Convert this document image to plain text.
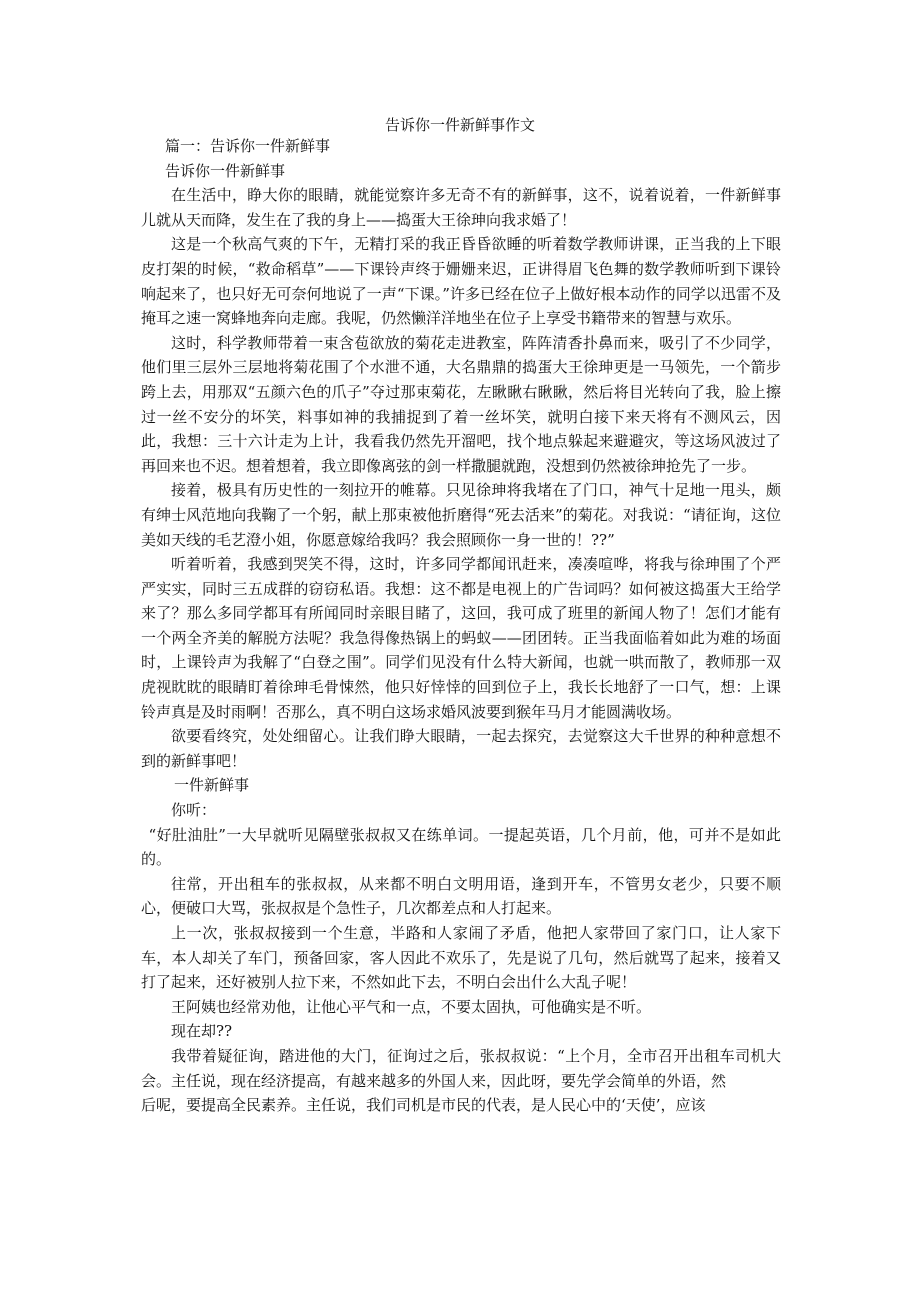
告诉你一件新鲜事作文

篇一：告诉你一件新鲜事

告诉你一件新鲜事

在生活中，睁大你的眼睛，就能觉察许多无奇不有的新鲜事，这不，说着说着，一件新鲜事儿就从天而降，发生在了我的身上——捣蛋大王徐珅向我求婚了！

这是一个秋高气爽的下午，无精打采的我正昏昏欲睡的听着数学教师讲课，正当我的上下眼皮打架的时候，“救命稻草”——下课铃声终于姗姗来迟，正讲得眉飞色舞的数学教师听到下课铃响起来了，也只好无可奈何地说了一声“下课。”许多已经在位子上做好根本动作的同学以迅雷不及掩耳之速一窝蜂地奔向走廊。我呢，仍然懒洋洋地坐在位子上享受书籍带来的智慧与欢乐。

这时，科学教师带着一束含苞欲放的菊花走进教室，阵阵清香扑鼻而来，吸引了不少同学，他们里三层外三层地将菊花围了个水泄不通，大名鼎鼎的捣蛋大王徐珅更是一马领先，一个箭步跨上去，用那双“五颜六色的爪子”夺过那束菊花，左瞅瞅右瞅瞅，然后将目光转向了我，脸上擦过一丝不安分的坏笑，料事如神的我捕捉到了着一丝坏笑，就明白接下来天将有不测风云，因此，我想：三十六计走为上计，我看我仍然先开溜吧，找个地点躲起来避避灾，等这场风波过了再回来也不迟。想着想着，我立即像离弦的剑一样撒腿就跑，没想到仍然被徐珅抢先了一步。

接着，极具有历史性的一刻拉开的帷幕。只见徐珅将我堵在了门口，神气十足地一甩头，颇有绅士风范地向我鞠了一个躬，献上那束被他折磨得“死去活来”的菊花。对我说：“请征询，这位美如天线的毛艺澄小姐，你愿意嫁给我吗？我会照顾你一身一世的！??”

听着听着，我感到哭笑不得，这时，许多同学都闻讯赶来，凑凑喧哗，将我与徐珅围了个严严实实，同时三五成群的窃窃私语。我想：这不都是电视上的广告词吗？如何被这捣蛋大王给学来了？那么多同学都耳有所闻同时亲眼目睹了，这回，我可成了班里的新闻人物了！怎们才能有一个两全齐美的解脱方法呢？我急得像热锅上的蚂蚁——团团转。正当我面临着如此为难的场面时，上课铃声为我解了“白登之围”。同学们见没有什么特大新闻，也就一哄而散了，教师那一双虎视眈眈的眼睛盯着徐珅毛骨悚然，他只好悻悻的回到位子上，我长长地舒了一口气，想：上课铃声真是及时雨啊！否那么，真不明白这场求婚风波要到猴年马月才能圆满收场。

欲要看终究，处处细留心。让我们睁大眼睛，一起去探究，去觉察这大千世界的种种意想不到的新鲜事吧！

一件新鲜事

你听：

“好肚油肚”一大早就听见隔壁张叔叔又在练单词。一提起英语，几个月前，他，可并不是如此的。

往常，开出租车的张叔叔，从来都不明白文明用语，逢到开车，不管男女老少，只要不顺心，便破口大骂，张叔叔是个急性子，几次都差点和人打起来。

上一次，张叔叔接到一个生意，半路和人家闹了矛盾，他把人家带回了家门口，让人家下车，本人却关了车门，预备回家，客人因此不欢乐了，先是说了几句，然后就骂了起来，接着又打了起来，还好被别人拉下来，不然如此下去，不明白会出什么大乱子呢！

王阿姨也经常劝他，让他心平气和一点，不要太固执，可他确实是不听。

现在却??

我带着疑征询，踏进他的大门，征询过之后，张叔叔说：“上个月，全市召开出租车司机大会。主任说，现在经济提高，有越来越多的外国人来，因此呀，要先学会简单的外语，然

后呢，要提高全民素养。主任说，我们司机是市民的代表，是人民心中的‘天使’，应该
